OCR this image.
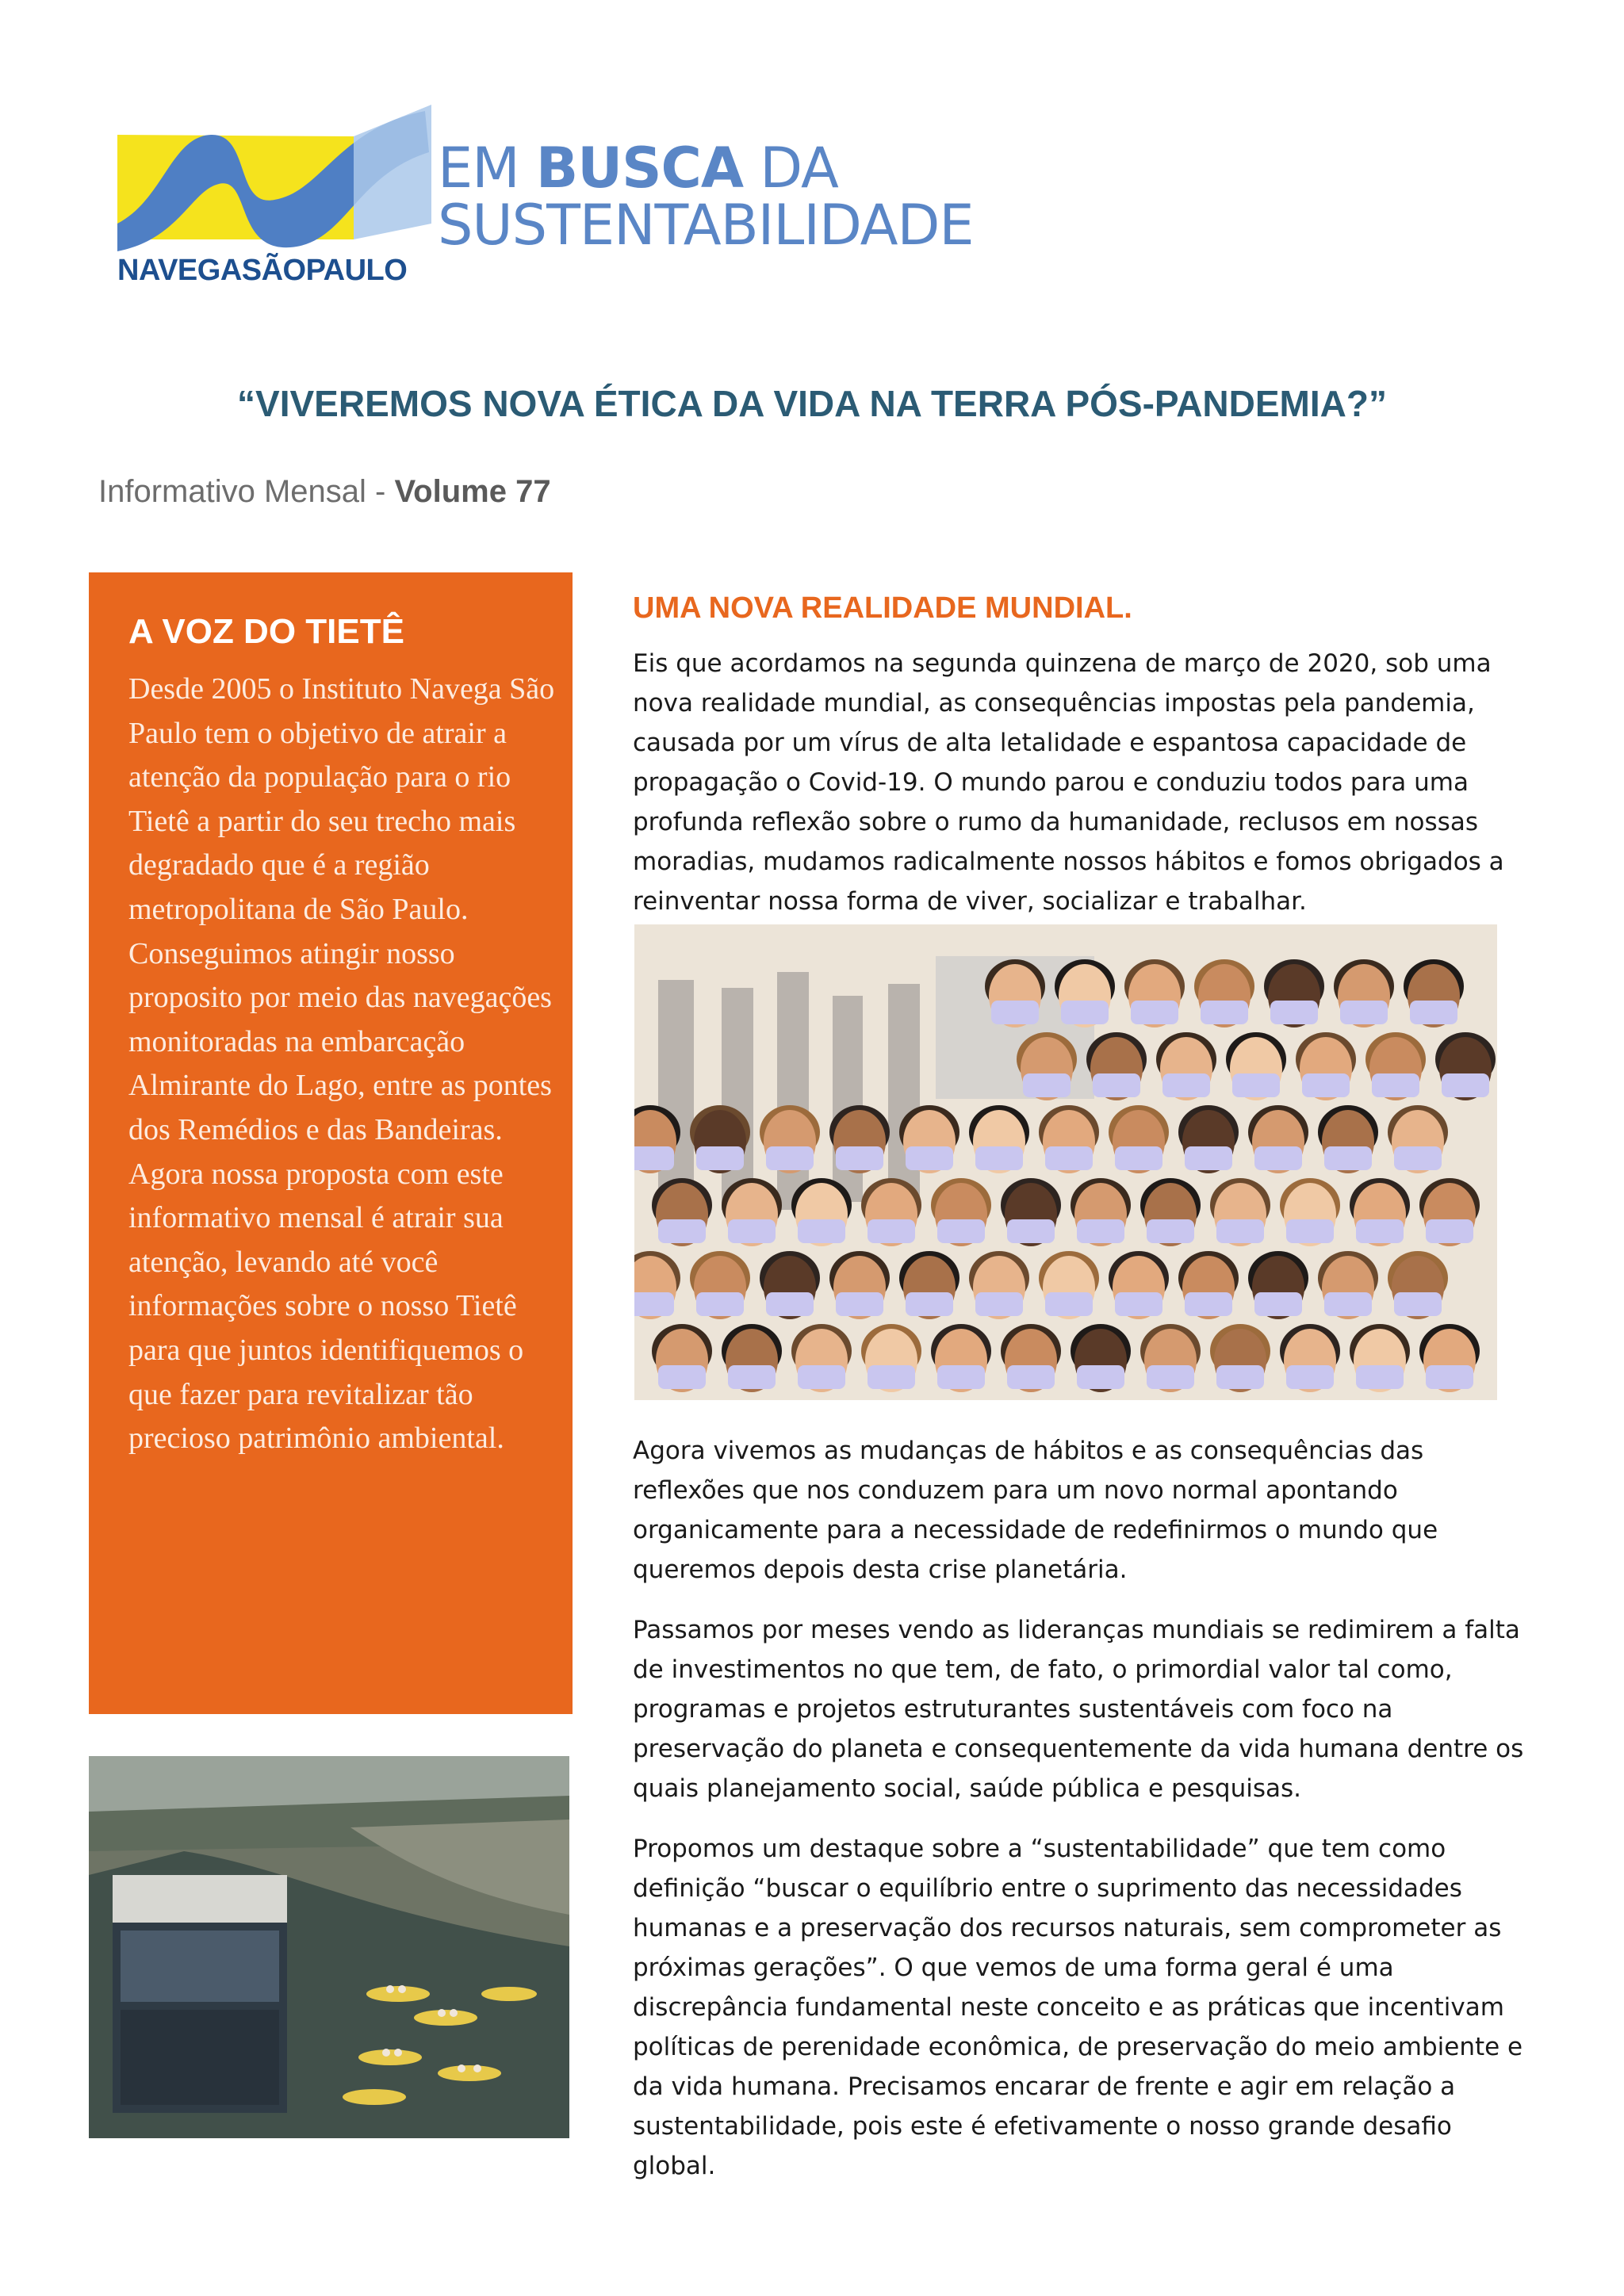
NAVEGASÃOPAULO
EM BUSCA DA
SUSTENTABILIDADE
“VIVEREMOS NOVA ÉTICA DA VIDA NA TERRA PÓS-PANDEMIA?”
Informativo Mensal - Volume 77
A VOZ DO TIETÊ
Desde 2005 o Instituto Navega São Paulo tem o objetivo de atrair a atenção da população para o rio Tietê a partir do seu trecho mais degradado que é a região metropolitana de São Paulo. Conseguimos atingir nosso proposito por meio das navegações monitoradas na embarcação Almirante do Lago, entre as pontes dos Remédios e das Bandeiras. Agora nossa proposta com este informativo mensal é atrair sua atenção, levando até você informações sobre o nosso Tietê para que juntos identifiquemos o que fazer para revitalizar tão precioso patrimônio ambiental.
UMA NOVA REALIDADE MUNDIAL.

Eis que acordamos na segunda quinzena de março de 2020, sob uma nova realidade mundial, as consequências impostas pela pandemia, causada por um vírus de alta letalidade e espantosa capacidade de propagação o Covid-19. O mundo parou e conduziu todos para uma profunda reflexão sobre o rumo da humanidade, reclusos em nossas moradias, mudamos radicalmente nossos hábitos e fomos obrigados a reinventar nossa forma de viver, socializar e trabalhar.

Agora vivemos as mudanças de hábitos e as consequências das reflexões que nos conduzem para um novo normal apontando organicamente para a necessidade de redefinirmos o mundo que queremos depois desta crise planetária.

Passamos por meses vendo as lideranças mundiais se redimirem a falta de investimentos no que tem, de fato, o primordial valor tal como, programas e projetos estruturantes sustentáveis com foco na preservação do planeta e consequentemente da vida humana dentre os quais planejamento social, saúde pública e pesquisas.

Propomos um destaque sobre a “sustentabilidade” que tem como definição “buscar o equilíbrio entre o suprimento das necessidades humanas e a preservação dos recursos naturais, sem comprometer as próximas gerações”. O que vemos de uma forma geral é uma discrepância fundamental neste conceito e as práticas que incentivam políticas de perenidade econômica, de preservação do meio ambiente e da vida humana. Precisamos encarar de frente e agir em relação a sustentabilidade, pois este é efetivamente o nosso grande desafio global.
